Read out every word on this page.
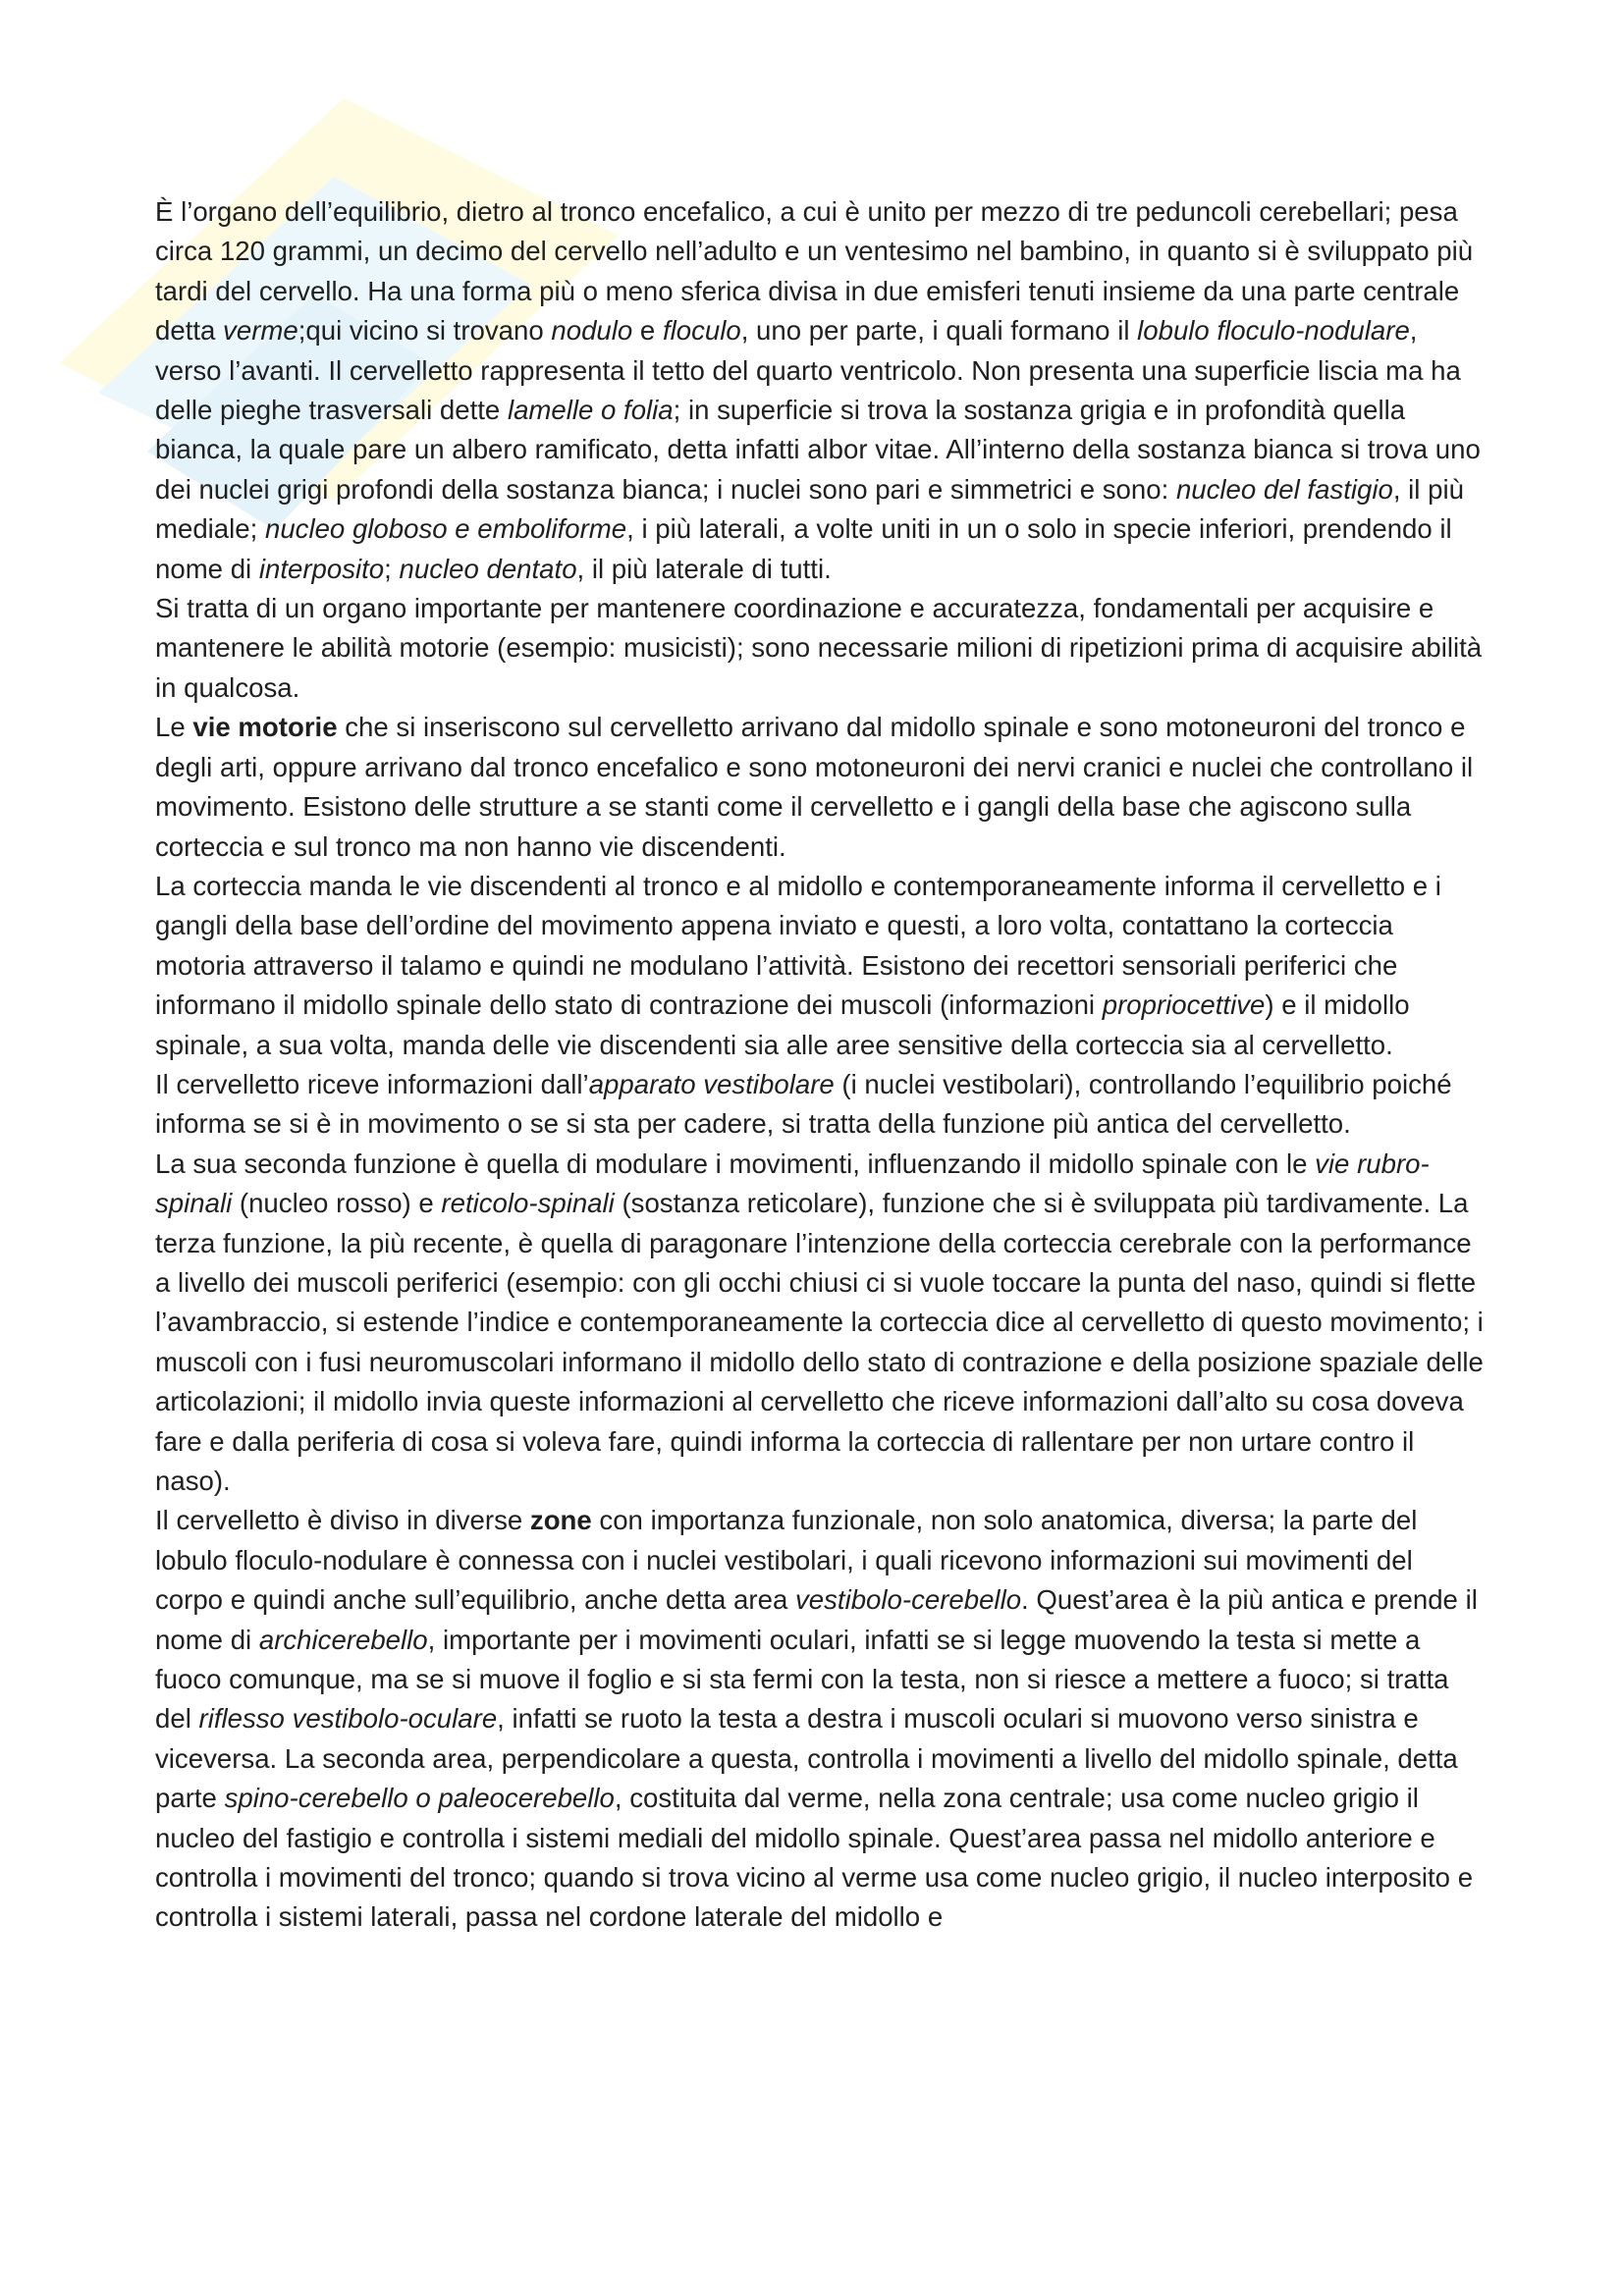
È l’organo dell’equilibrio, dietro al tronco encefalico, a cui è unito per mezzo di tre peduncoli cerebellari; pesa circa 120 grammi, un decimo del cervello nell’adulto e un ventesimo nel bambino, in quanto si è sviluppato più tardi del cervello. Ha una forma più o meno sferica divisa in due emisferi tenuti insieme da una parte centrale detta verme;qui vicino si trovano nodulo e floculo, uno per parte, i quali formano il lobulo floculo-nodulare, verso l’avanti. Il cervelletto rappresenta il tetto del quarto ventricolo. Non presenta una superficie liscia ma ha delle pieghe trasversali dette lamelle o folia; in superficie si trova la sostanza grigia e in profondità quella bianca, la quale pare un albero ramificato, detta infatti albor vitae. All’interno della sostanza bianca si trova uno dei nuclei grigi profondi della sostanza bianca; i nuclei sono pari e simmetrici e sono: nucleo del fastigio, il più mediale; nucleo globoso e emboliforme, i più laterali, a volte uniti in un o solo in specie inferiori, prendendo il nome di interposito; nucleo dentato, il più laterale di tutti.

Si tratta di un organo importante per mantenere coordinazione e accuratezza, fondamentali per acquisire e mantenere le abilità motorie (esempio: musicisti); sono necessarie milioni di ripetizioni prima di acquisire abilità in qualcosa.

Le vie motorie che si inseriscono sul cervelletto arrivano dal midollo spinale e sono motoneuroni del tronco e degli arti, oppure arrivano dal tronco encefalico e sono motoneuroni dei nervi cranici e nuclei che controllano il movimento. Esistono delle strutture a se stanti come il cervelletto e i gangli della base che agiscono sulla corteccia e sul tronco ma non hanno vie discendenti.

La corteccia manda le vie discendenti al tronco e al midollo e contemporaneamente informa il cervelletto e i gangli della base dell’ordine del movimento appena inviato e questi, a loro volta, contattano la corteccia motoria attraverso il talamo e quindi ne modulano l’attività. Esistono dei recettori sensoriali periferici che informano il midollo spinale dello stato di contrazione dei muscoli (informazioni propriocettive) e il midollo spinale, a sua volta, manda delle vie discendenti sia alle aree sensitive della corteccia sia al cervelletto.

Il cervelletto riceve informazioni dall’apparato vestibolare (i nuclei vestibolari), controllando l’equilibrio poiché informa se si è in movimento o se si sta per cadere, si tratta della funzione più antica del cervelletto.

La sua seconda funzione è quella di modulare i movimenti, influenzando il midollo spinale con le vie rubro-spinali (nucleo rosso) e reticolo-spinali (sostanza reticolare), funzione che si è sviluppata più tardivamente. La terza funzione, la più recente, è quella di paragonare l’intenzione della corteccia cerebrale con la performance a livello dei muscoli periferici (esempio: con gli occhi chiusi ci si vuole toccare la punta del naso, quindi si flette l’avambraccio, si estende l’indice e contemporaneamente la corteccia dice al cervelletto di questo movimento; i muscoli con i fusi neuromuscolari informano il midollo dello stato di contrazione e della posizione spaziale delle articolazioni; il midollo invia queste informazioni al cervelletto che riceve informazioni dall’alto su cosa doveva fare e dalla periferia di cosa si voleva fare, quindi informa la corteccia di rallentare per non urtare contro il naso).

Il cervelletto è diviso in diverse zone con importanza funzionale, non solo anatomica, diversa; la parte del lobulo floculo-nodulare è connessa con i nuclei vestibolari, i quali ricevono informazioni sui movimenti del corpo e quindi anche sull’equilibrio, anche detta area vestibolo-cerebello. Quest’area è la più antica e prende il nome di archicerebello, importante per i movimenti oculari, infatti se si legge muovendo la testa si mette a fuoco comunque, ma se si muove il foglio e si sta fermi con la testa, non si riesce a mettere a fuoco; si tratta del riflesso vestibolo-oculare, infatti se ruoto la testa a destra i muscoli oculari si muovono verso sinistra e viceversa. La seconda area, perpendicolare a questa, controlla i movimenti a livello del midollo spinale, detta parte spino-cerebello o paleocerebello, costituita dal verme, nella zona centrale; usa come nucleo grigio il nucleo del fastigio e controlla i sistemi mediali del midollo spinale. Quest’area passa nel midollo anteriore e controlla i movimenti del tronco; quando si trova vicino al verme usa come nucleo grigio, il nucleo interposito e controlla i sistemi laterali, passa nel cordone laterale del midollo e
